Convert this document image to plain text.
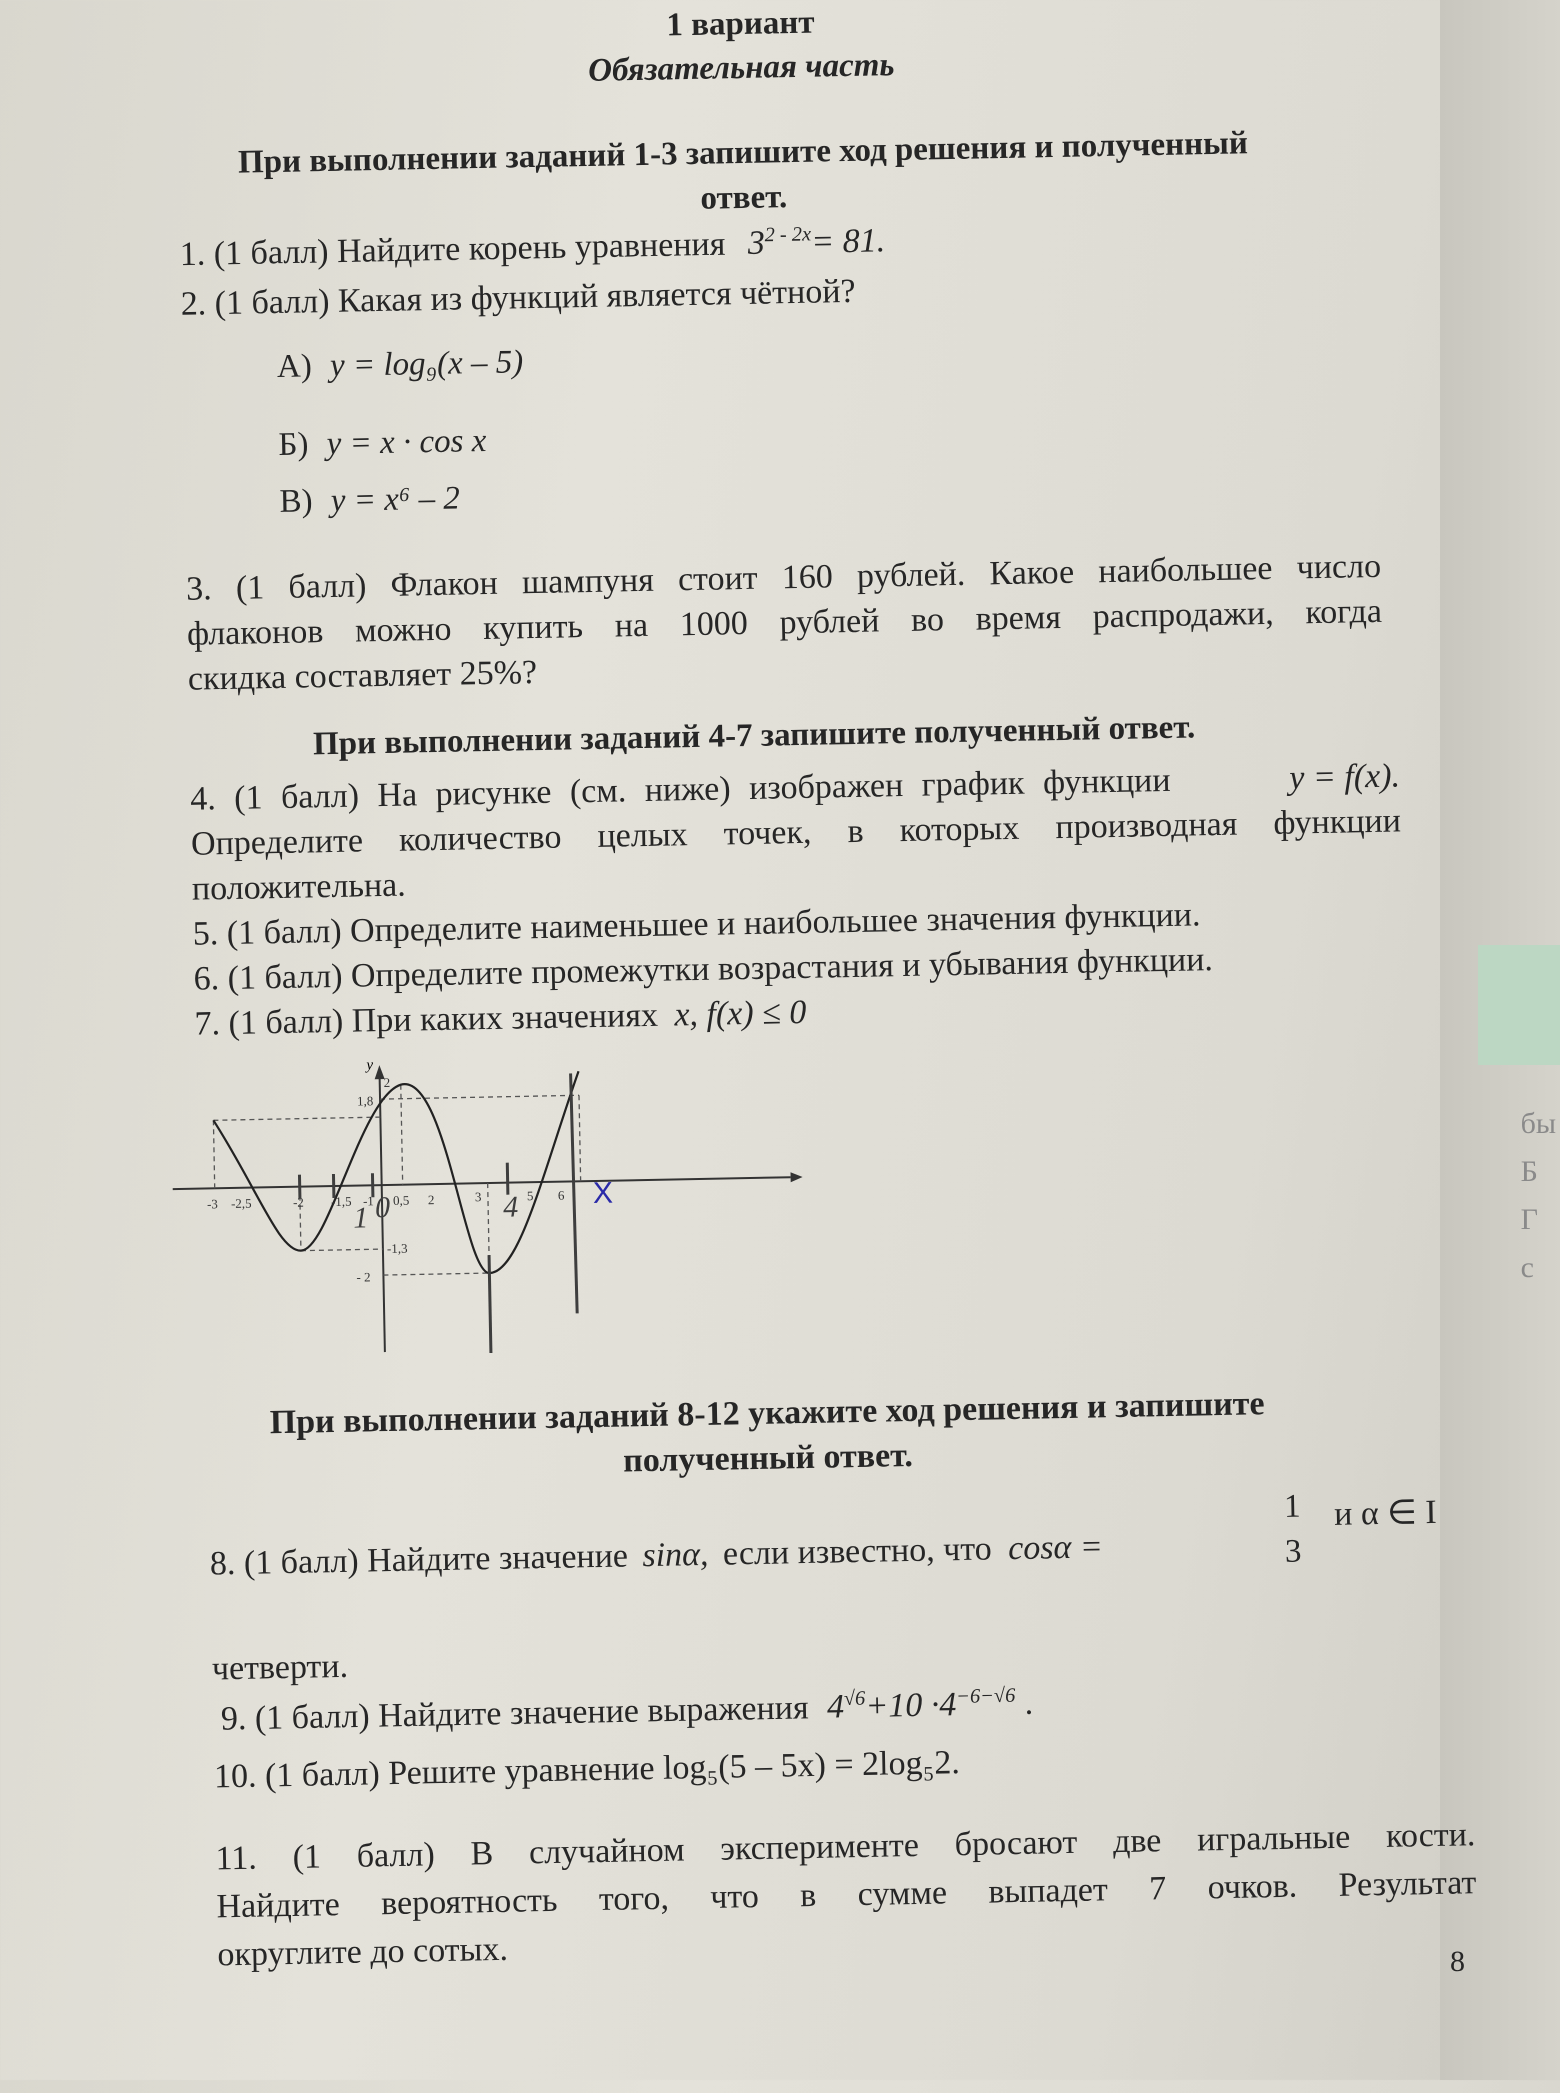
бы
Б
Г
с
1 вариант
Обязательная часть
При выполнении заданий 1-3 запишите ход решения и полученный
ответ.
1. (1 балл) Найдите корень уравнения $3^{2 - 2x}= 81$.
2. (1 балл) Какая из функций является чётной?
А) y = log₉(x – 5)
Б) y = x · cos x
В) y = x⁶ – 2
3. (1 балл) Флакон шампуня стоит 160 рублей. Какое наибольшее число
флаконов можно купить на 1000 рублей во время распродажи, когда
скидка составляет 25%?
При выполнении заданий 4-7 запишите полученный ответ.
4. (1 балл) На рисунке (см. ниже) изображен график функции	y = f(x).
Определите количество целых точек, в которых производная функции
положительна.
5. (1 балл) Определите наименьшее и наибольшее значения функции.
6. (1 балл) Определите промежутки возрастания и убывания функции.
7. (1 балл) При каких значениях x, f(x) ≤ 0
y
-3 -2,5	-2 -1,5 -1 0,5 2	3	5 6
2
1,8
-1,3
- 2
X
1 0	4
При выполнении заданий 8-12 укажите ход решения и запишите
полученный ответ.
8. (1 балл) Найдите значение sinα, если известно, что cosα =
1
3
и α ∈ I
четверти.
9. (1 балл) Найдите значение выражения $4^{√6}+10 \cdot 4^{-6-√6}$ .
10. (1 балл) Решите уравнение log₅(5 – 5x) = 2log₅2.
11. (1 балл) В случайном эксперименте бросают две игральные кости.
Найдите вероятность того, что в сумме выпадет 7 очков. Результат
округлите до сотых.	8
